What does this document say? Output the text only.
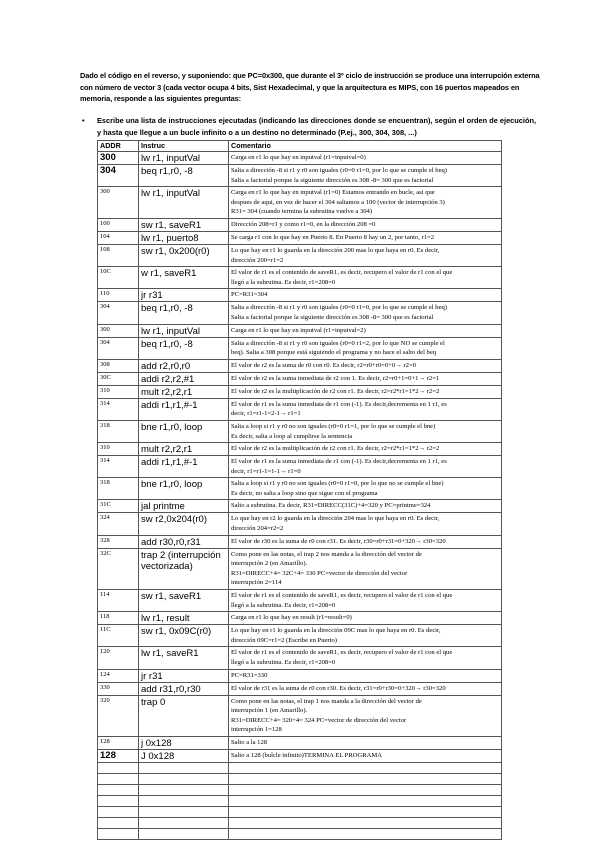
Dado el código en el reverso, y suponiendo: que PC=0x300, que durante el 3º ciclo de instrucción se produce una interrupción externa con número de vector 3 (cada vector ocupa 4 bits, Sist Hexadecimal, y que la arquitectura es MIPS, con 16 puertos mapeados en memoria, responde a las siguientes preguntas:
• Escribe una lista de instrucciones ejecutadas (indicando las direcciones donde se encuentran), según el orden de ejecución, y hasta que llegue a un bucle infinito o a un destino no determinado (P.ej., 300, 304, 308, ...)
ADDR	Instruc	Comentario
300	lw r1, inputVal	Carga en r1 lo que hay en inputval (r1=inputval=0)

304	beq r1,r0, -8	Salta a dirección -8 si r1 y r0 son iguales (r0=0 r1=0, por lo que se cumple el beq)
Salta a factorial porque la siguiente dirección es 308 -8= 300 que es factorial

300	lw r1, inputVal	Carga en r1 lo que hay en inputval (r1=0) Estamos entrando en bucle, asi que
despues de aqui, en vez de hacer el 304 saltamos a 100 (vector de interrupción 3)
R31= 304 (cuando termina la subrutina vuelve a 304)

100	sw r1, saveR1	Dirección 208=r1 y como r1=0, en la dirección 208 =0

104	lw r1, puerto8	Se carga r1 con lo que hay en Puerto 8. En Puerto 8 hay un 2, por tanto, r1=2

108	sw r1, 0x200(r0)	Lo que hay en r1 lo guarda en la dirección 200 mas lo que haya en r0. Es decir,
dirección 200=r1=2

10C	w r1, saveR1	El valor de r1 es el contenido de saveR1, es decir, recupero el valor de r1 con el que
llegó a la subrutina. Es decir, r1=208=0

110	jr r31	PC=R31=304

304	beq r1,r0, -8	Salta a dirección -8 si r1 y r0 son iguales (r0=0 r1=0, por lo que se cumple el beq)
Salta a factorial porque la siguiente dirección es 308 -8= 300 que es factorial

300	lw r1, inputVal	Carga en r1 lo que hay en inputval (r1=inputval=2)

304	beq r1,r0, -8	Salta a dirección -8 si r1 y r0 son iguales (r0=0 r1=2, por lo que NO se cumple el
beq). Salta a 308 porque está siguiendo el programa y no hace el salto del beq

308	add r2,r0,r0	El valor de r2 es la suma de r0 con r0. Es decir, r2=r0+r0=0+0→ r2=0

30C	addi r2,r2,#1	El valor de r2 es la suma inmediata de r2 con 1. Es decir, r2=r0+1=0+1→ r2=1

310	mult r2,r2,r1	El valor de r2 es la multiplicación de r2 con r1. Es decir, r2=r2*r1=1*2→ r2=2

314	addi r1,r1,#-1	El valor de r1 es la suma inmediata de r1 con (-1). Es decir,decrementa en 1 r1, es
decir, r1=r1-1=2-1→ r1=1

318	bne r1,r0, loop	Salta a loop si r1 y r0 no son iguales (r0=0 r1=1, por lo que se cumple el bne)
Es decir, salta a loop al cumplirse la sentencia

310	mult r2,r2,r1	El valor de r2 es la multiplicación de r2 con r1. Es decir, r2=r2*r1=1*2→ r2=2

314	addi r1,r1,#-1	El valor de r1 es la suma inmediata de r1 con (-1). Es decir,decrementa en 1 r1, es
decir, r1=r1-1=1-1→ r1=0

318	bne r1,r0, loop	Salta a loop si r1 y r0 no son iguales (r0=0 r1=0, por lo que no se cumple el bne)
Es decir, no salta a loop sino que sigue con el programa

31C	jal printme	Salto a subrutina. Es decir, R31=DIRECC(31C)+4=320 y PC=printme=324

324	sw r2,0x204(r0)	Lo que hay en r2 lo guarda en la dirección 204 mas lo que haya en r0. Es decir,
dirección 204=r2=2

328	add r30,r0,r31	El valor de r30 es la suma de r0 con r31. Es decir, r30=r0+r31=0+320→ r30=320

32C	trap 2 (interrupción vectorizada)	Como pone en las notas, el trap 2 nos manda a la dirección del vector de
interrupción 2 (en Amarillo).
R31=DIRECC+4= 32C+4= 330 PC=vector de dirección del vector
interrupción 2=114

114	sw r1, saveR1	El valor de r1 es el contenido de saveR1, es decir, recupero el valor de r1 con el que
llegó a la subrutina. Es decir, r1=208=0

118	lw r1, result	Carga en r1 lo que hay en result (r1=result=0)

11C	sw r1, 0x09C(r0)	Lo que hay en r1 lo guarda en la dirección 09C mas lo que haya en r0. Es decir,
dirección 09C=r1=2 (Escribe en Puerto)

120	lw r1, saveR1	El valor de r1 es el contenido de saveR1, es decir, recupero el valor de r1 con el que
llegó a la subrutina. Es decir, r1=208=0

124	jr r31	PC=R31=330

330	add r31,r0,r30	El valor de r31 es la suma de r0 con r30. Es decir, r31=r0+r30=0+320→ r30=320

320	trap 0	Como pone en las notas, el trap 1 nos manda a la dirección del vector de
interrupción 1 (en Amarillo).
R31=DIRECC+4= 320+4= 324 PC=vector de dirección del vector
interrupción 1=128

128	j 0x128	Salto a la 128

128	J 0x128	Salto a 128 (bulcle infinito)TERMINA EL PROGRAMA
